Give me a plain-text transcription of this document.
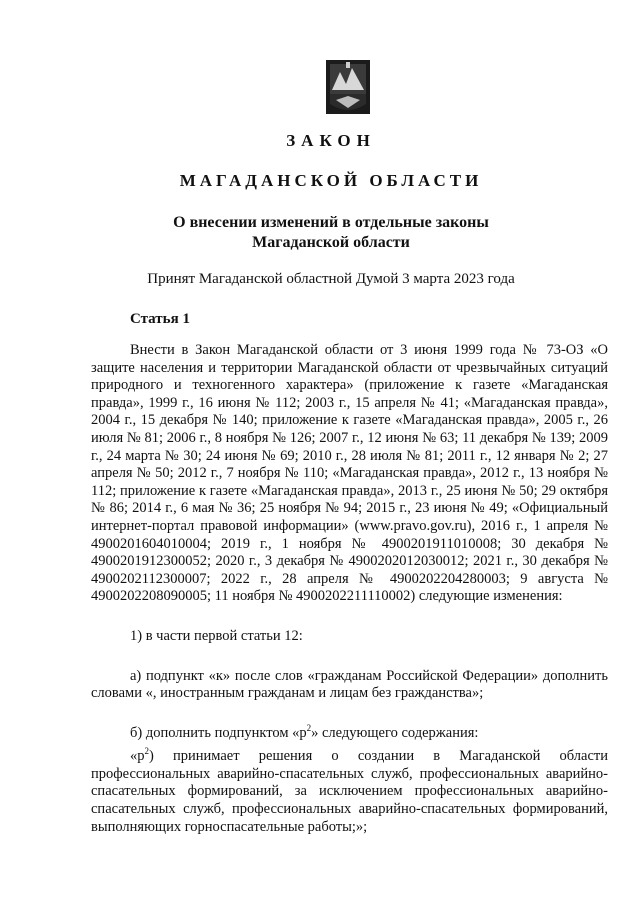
ЗАКОН
МАГАДАНСКОЙ ОБЛАСТИ
О внесении изменений в отдельные законы
Магаданской области
Принят Магаданской областной Думой 3 марта 2023 года
Статья 1

Внести в Закон Магаданской области от 3 июня 1999 года № 73-ОЗ «О защите населения и территории Магаданской области от чрезвычайных ситуаций природного и техногенного характера» (приложение к газете «Магаданская правда», 1999 г., 16 июня № 112; 2003 г., 15 апреля № 41; «Магаданская правда», 2004 г., 15 декабря № 140; приложение к газете «Магаданская правда», 2005 г., 26 июля № 81; 2006 г., 8 ноября № 126; 2007 г., 12 июня № 63; 11 декабря № 139; 2009 г., 24 марта № 30; 24 июня № 69; 2010 г., 28 июля № 81; 2011 г., 12 января № 2; 27 апреля № 50; 2012 г., 7 ноября № 110; «Магаданская правда», 2012 г., 13 ноября № 112; приложение к газете «Магаданская правда», 2013 г., 25 июня № 50; 29 октября № 86; 2014 г., 6 мая № 36; 25 ноября № 94; 2015 г., 23 июня № 49; «Официальный интернет-портал правовой информации» (www.pravo.gov.ru), 2016 г., 1 апреля № 4900201604010004; 2019 г., 1 ноября № 4900201911010008; 30 декабря № 4900201912300052; 2020 г., 3 декабря № 4900202012030012; 2021 г., 30 декабря № 4900202112300007; 2022 г., 28 апреля № 4900202204280003; 9 августа № 4900202208090005; 11 ноября № 4900202211110002) следующие изменения:

1) в части первой статьи 12:

а) подпункт «к» после слов «гражданам Российской Федерации» дополнить словами «, иностранным гражданам и лицам без гражданства»;

б) дополнить подпунктом «$р^2$» следующего содержания:

«$р^2$) принимает решения о создании в Магаданской области профессиональных аварийно-спасательных служб, профессиональных аварийно-спасательных формирований, за исключением профессиональных аварийно-спасательных служб, профессиональных аварийно-спасательных формирований, выполняющих горноспасательные работы;»;
